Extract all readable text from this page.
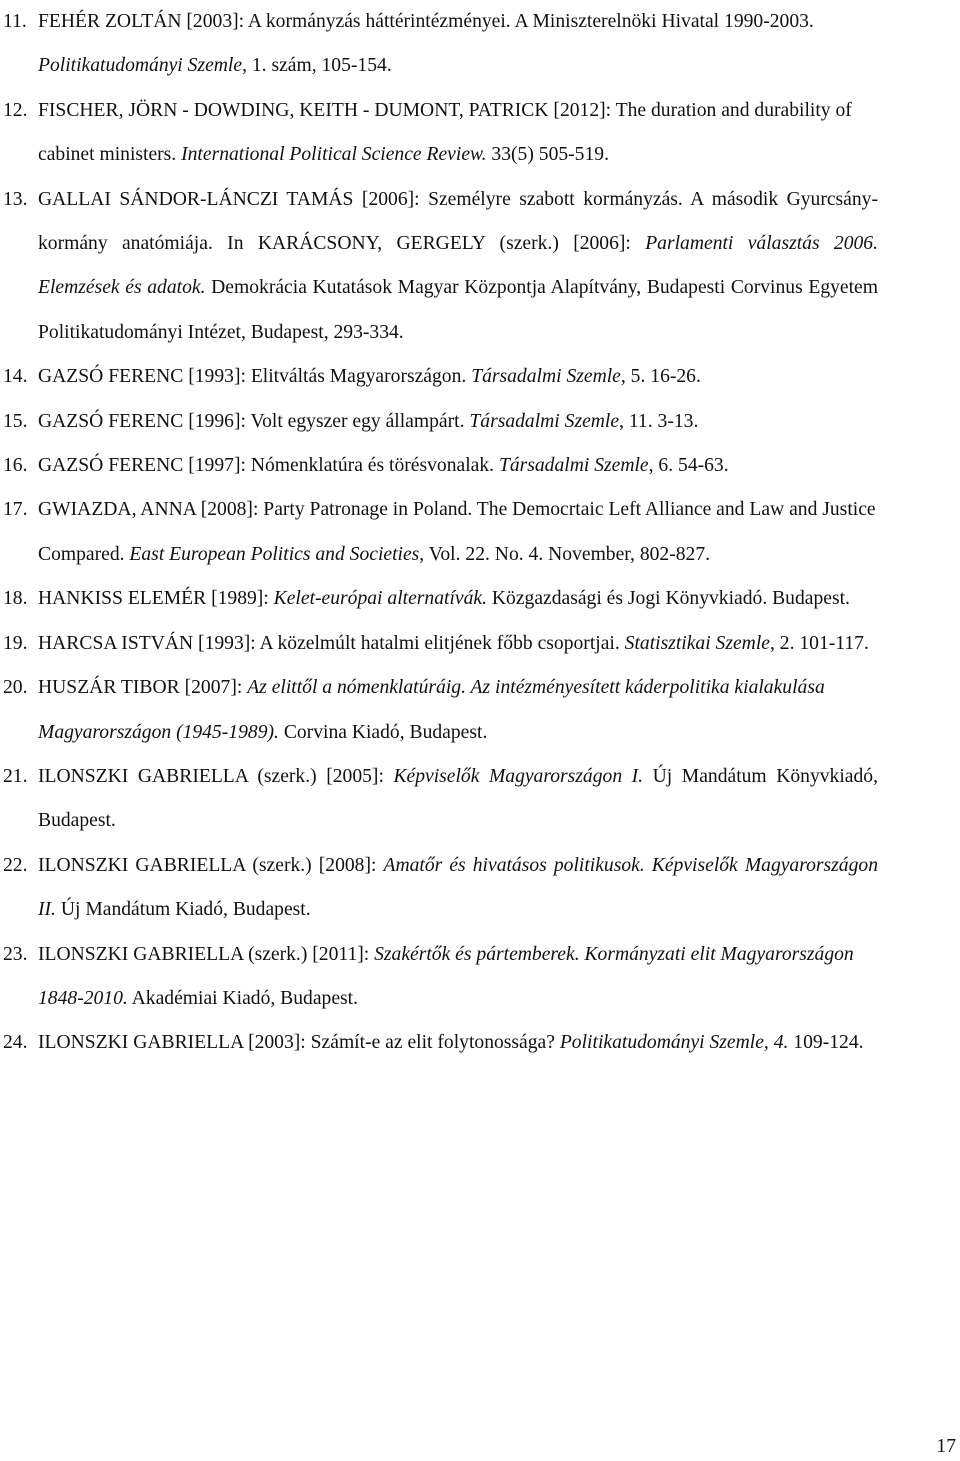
11. FEHÉR ZOLTÁN [2003]: A kormányzás háttérintézményei. A Miniszterelnöki Hivatal 1990-2003. Politikatudományi Szemle, 1. szám, 105-154.
12. FISCHER, JÖRN - DOWDING, KEITH - DUMONT, PATRICK [2012]: The duration and durability of cabinet ministers. International Political Science Review. 33(5) 505-519.
13. GALLAI SÁNDOR-LÁNCZI TAMÁS [2006]: Személyre szabott kormányzás. A második Gyurcsány-kormány anatómiája. In KARÁCSONY, GERGELY (szerk.) [2006]: Parlamenti választás 2006. Elemzések és adatok. Demokrácia Kutatások Magyar Központja Alapítvány, Budapesti Corvinus Egyetem Politikatudományi Intézet, Budapest, 293-334.
14. GAZSÓ FERENC [1993]: Elitváltás Magyarországon. Társadalmi Szemle, 5. 16-26.
15. GAZSÓ FERENC [1996]: Volt egyszer egy állampárt. Társadalmi Szemle, 11. 3-13.
16. GAZSÓ FERENC [1997]: Nómenklatúra és törésvonalak. Társadalmi Szemle, 6. 54-63.
17. GWIAZDA, ANNA [2008]: Party Patronage in Poland. The Democrtaic Left Alliance and Law and Justice Compared. East European Politics and Societies, Vol. 22. No. 4. November, 802-827.
18. HANKISS ELEMÉR [1989]: Kelet-európai alternatívák. Közgazdasági és Jogi Könyvkiadó. Budapest.
19. HARCSA ISTVÁN [1993]: A közelmúlt hatalmi elitjének főbb csoportjai. Statisztikai Szemle, 2. 101-117.
20. HUSZÁR TIBOR [2007]: Az elittől a nómenklatúráig. Az intézményesített káderpolitika kialakulása Magyarországon (1945-1989). Corvina Kiadó, Budapest.
21. ILONSZKI GABRIELLA (szerk.) [2005]: Képviselők Magyarországon I. Új Mandátum Könyvkiadó, Budapest.
22. ILONSZKI GABRIELLA (szerk.) [2008]: Amatőr és hivatásos politikusok. Képviselők Magyarországon II. Új Mandátum Kiadó, Budapest.
23. ILONSZKI GABRIELLA (szerk.) [2011]: Szakértők és pártemberek. Kormányzati elit Magyarországon 1848-2010. Akadémiai Kiadó, Budapest.
24. ILONSZKI GABRIELLA [2003]: Számít-e az elit folytonossága? Politikatudományi Szemle, 4. 109-124.
17
